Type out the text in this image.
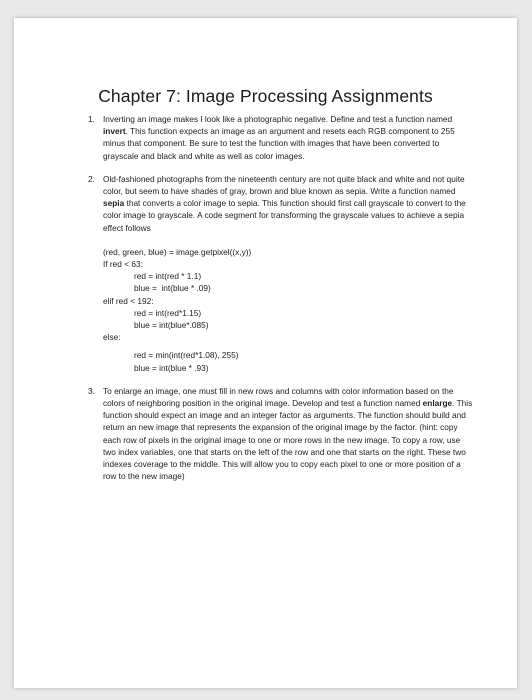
Chapter 7: Image Processing Assignments
1. Inverting an image makes I look like a photographic negative. Define and test a function named invert. This function expects an image as an argument and resets each RGB component to 255 minus that component. Be sure to test the function with images that have been converted to grayscale and black and white as well as color images.

2. Old-fashioned photographs from the nineteenth century are not quite black and white and not quite color, but seem to have shades of gray, brown and blue known as sepia. Write a function named sepia that converts a color image to sepia. This function should first call grayscale to convert to the color image to grayscale. A code segment for transforming the grayscale values to achieve a sepia effect follows

(red, green, blue) = image.getpixel((x,y))
If red < 63:
red = int(red * 1.1)
blue =  int(blue * .09)
elif red < 192:
red = int(red*1.15)
blue = int(blue*.085)
else:
red = min(int(red*1.08), 255)
blue = int(blue * .93)
3. To enlarge an image, one must fill in new rows and columns with color information based on the colors of neighboring position in the original image. Develop and test a function named enlarge. This function should expect an image and an integer factor as arguments. The function should build and return an new image that represents the expansion of the original image by the factor. (hint: copy each row of pixels in the original image to one or more rows in the new image. To copy a row, use two index variables, one that starts on the left of the row and one that starts on the right. These two indexes coverage to the middle. This will allow you to copy each pixel to one or more position of a row to the new image)
